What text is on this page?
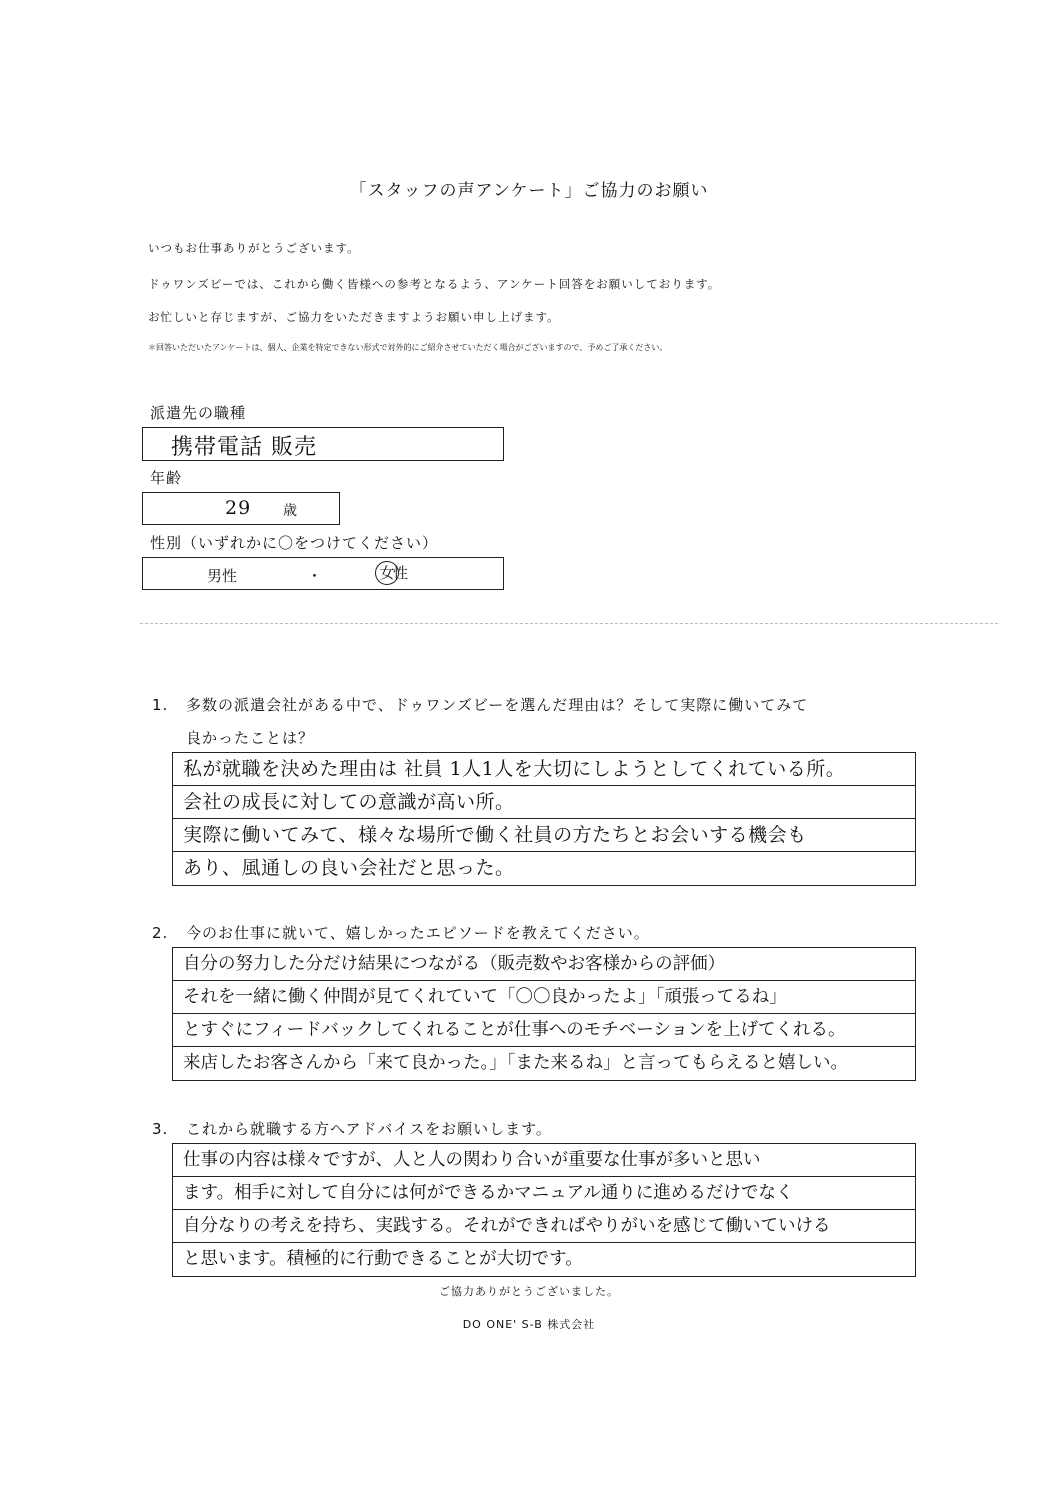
「スタッフの声アンケート」ご協力のお願い
いつもお仕事ありがとうございます。
ドゥワンズビーでは、これから働く皆様への参考となるよう、アンケート回答をお願いしております。
お忙しいと存じますが、ご協力をいただきますようお願い申し上げます。
＊回答いただいたアンケートは、個人、企業を特定できない形式で対外的にご紹介させていただく場合がございますので、予めご了承ください。
派遣先の職種
携帯電話 販売
年齢
29 歳
性別（いずれかに〇をつけてください）
男性	・	女性
1. 多数の派遣会社がある中で、ドゥワンズビーを選んだ理由は？そして実際に働いてみて
良かったことは？
私が就職を決めた理由は 社員 1人1人を大切にしようとしてくれている所。
会社の成長に対しての意識が高い所。
実際に働いてみて、様々な場所で働く社員の方たちとお会いする機会も
あり、風通しの良い会社だと思った。
2. 今のお仕事に就いて、嬉しかったエピソードを教えてください。
自分の努力した分だけ結果につながる（販売数やお客様からの評価）
それを一緒に働く仲間が見てくれていて「〇〇良かったよ」「頑張ってるね」
とすぐにフィードバックしてくれることが仕事へのモチベーションを上げてくれる。
来店したお客さんから「来て良かった。」「また来るね」と言ってもらえると嬉しい。
3. これから就職する方へアドバイスをお願いします。
仕事の内容は様々ですが、人と人の関わり合いが重要な仕事が多いと思い
ます。相手に対して自分には何ができるかマニュアル通りに進めるだけでなく
自分なりの考えを持ち、実践する。それができればやりがいを感じて働いていける
と思います。積極的に行動できることが大切です。
ご協力ありがとうございました。
DO ONE' S-B 株式会社
